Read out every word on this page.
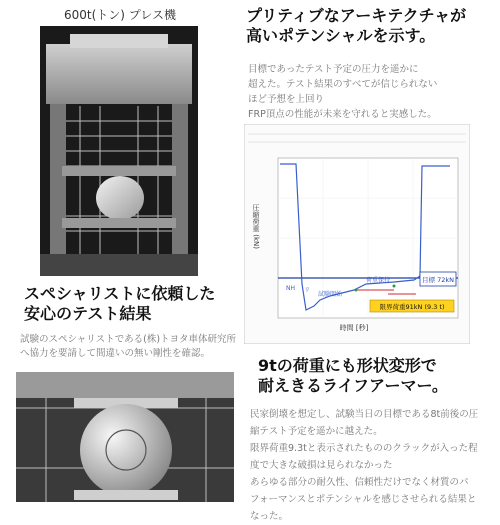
600t(トン) プレス機	プリティブなアーキテクチャが
高いポテンシャルを示す。
目標であったテスト予定の圧力を遥かに
超えた。テスト結果のすべてが信じられない
ほど予想を上回り
FRP頂点の性能が未来を守れると実感した。
圧縮荷重 (kN)
時間 [秒]
目標 72kN
限界荷重91kN (9.3 t)
荷重保持
試験開始
リ
NH
スペシャリストに依頼した
安心のテスト結果
試験のスペシャリストである(株)トヨタ車体研究所
へ協力を要請して間違いの無い剛性を確認。
9tの荷重にも形状変形で
耐えきるライフアーマー。
民家倒壊を想定し、試験当日の目標である8t前後の圧
縮テスト予定を遥かに越えた。
限界荷重9.3tと表示されたもののクラックが入った程
度で大きな破損は見られなかった
あらゆる部分の耐久性、信頼性だけでなく材質のパ
フォーマンスとポテンシャルを感じさせられる結果と
なった。
